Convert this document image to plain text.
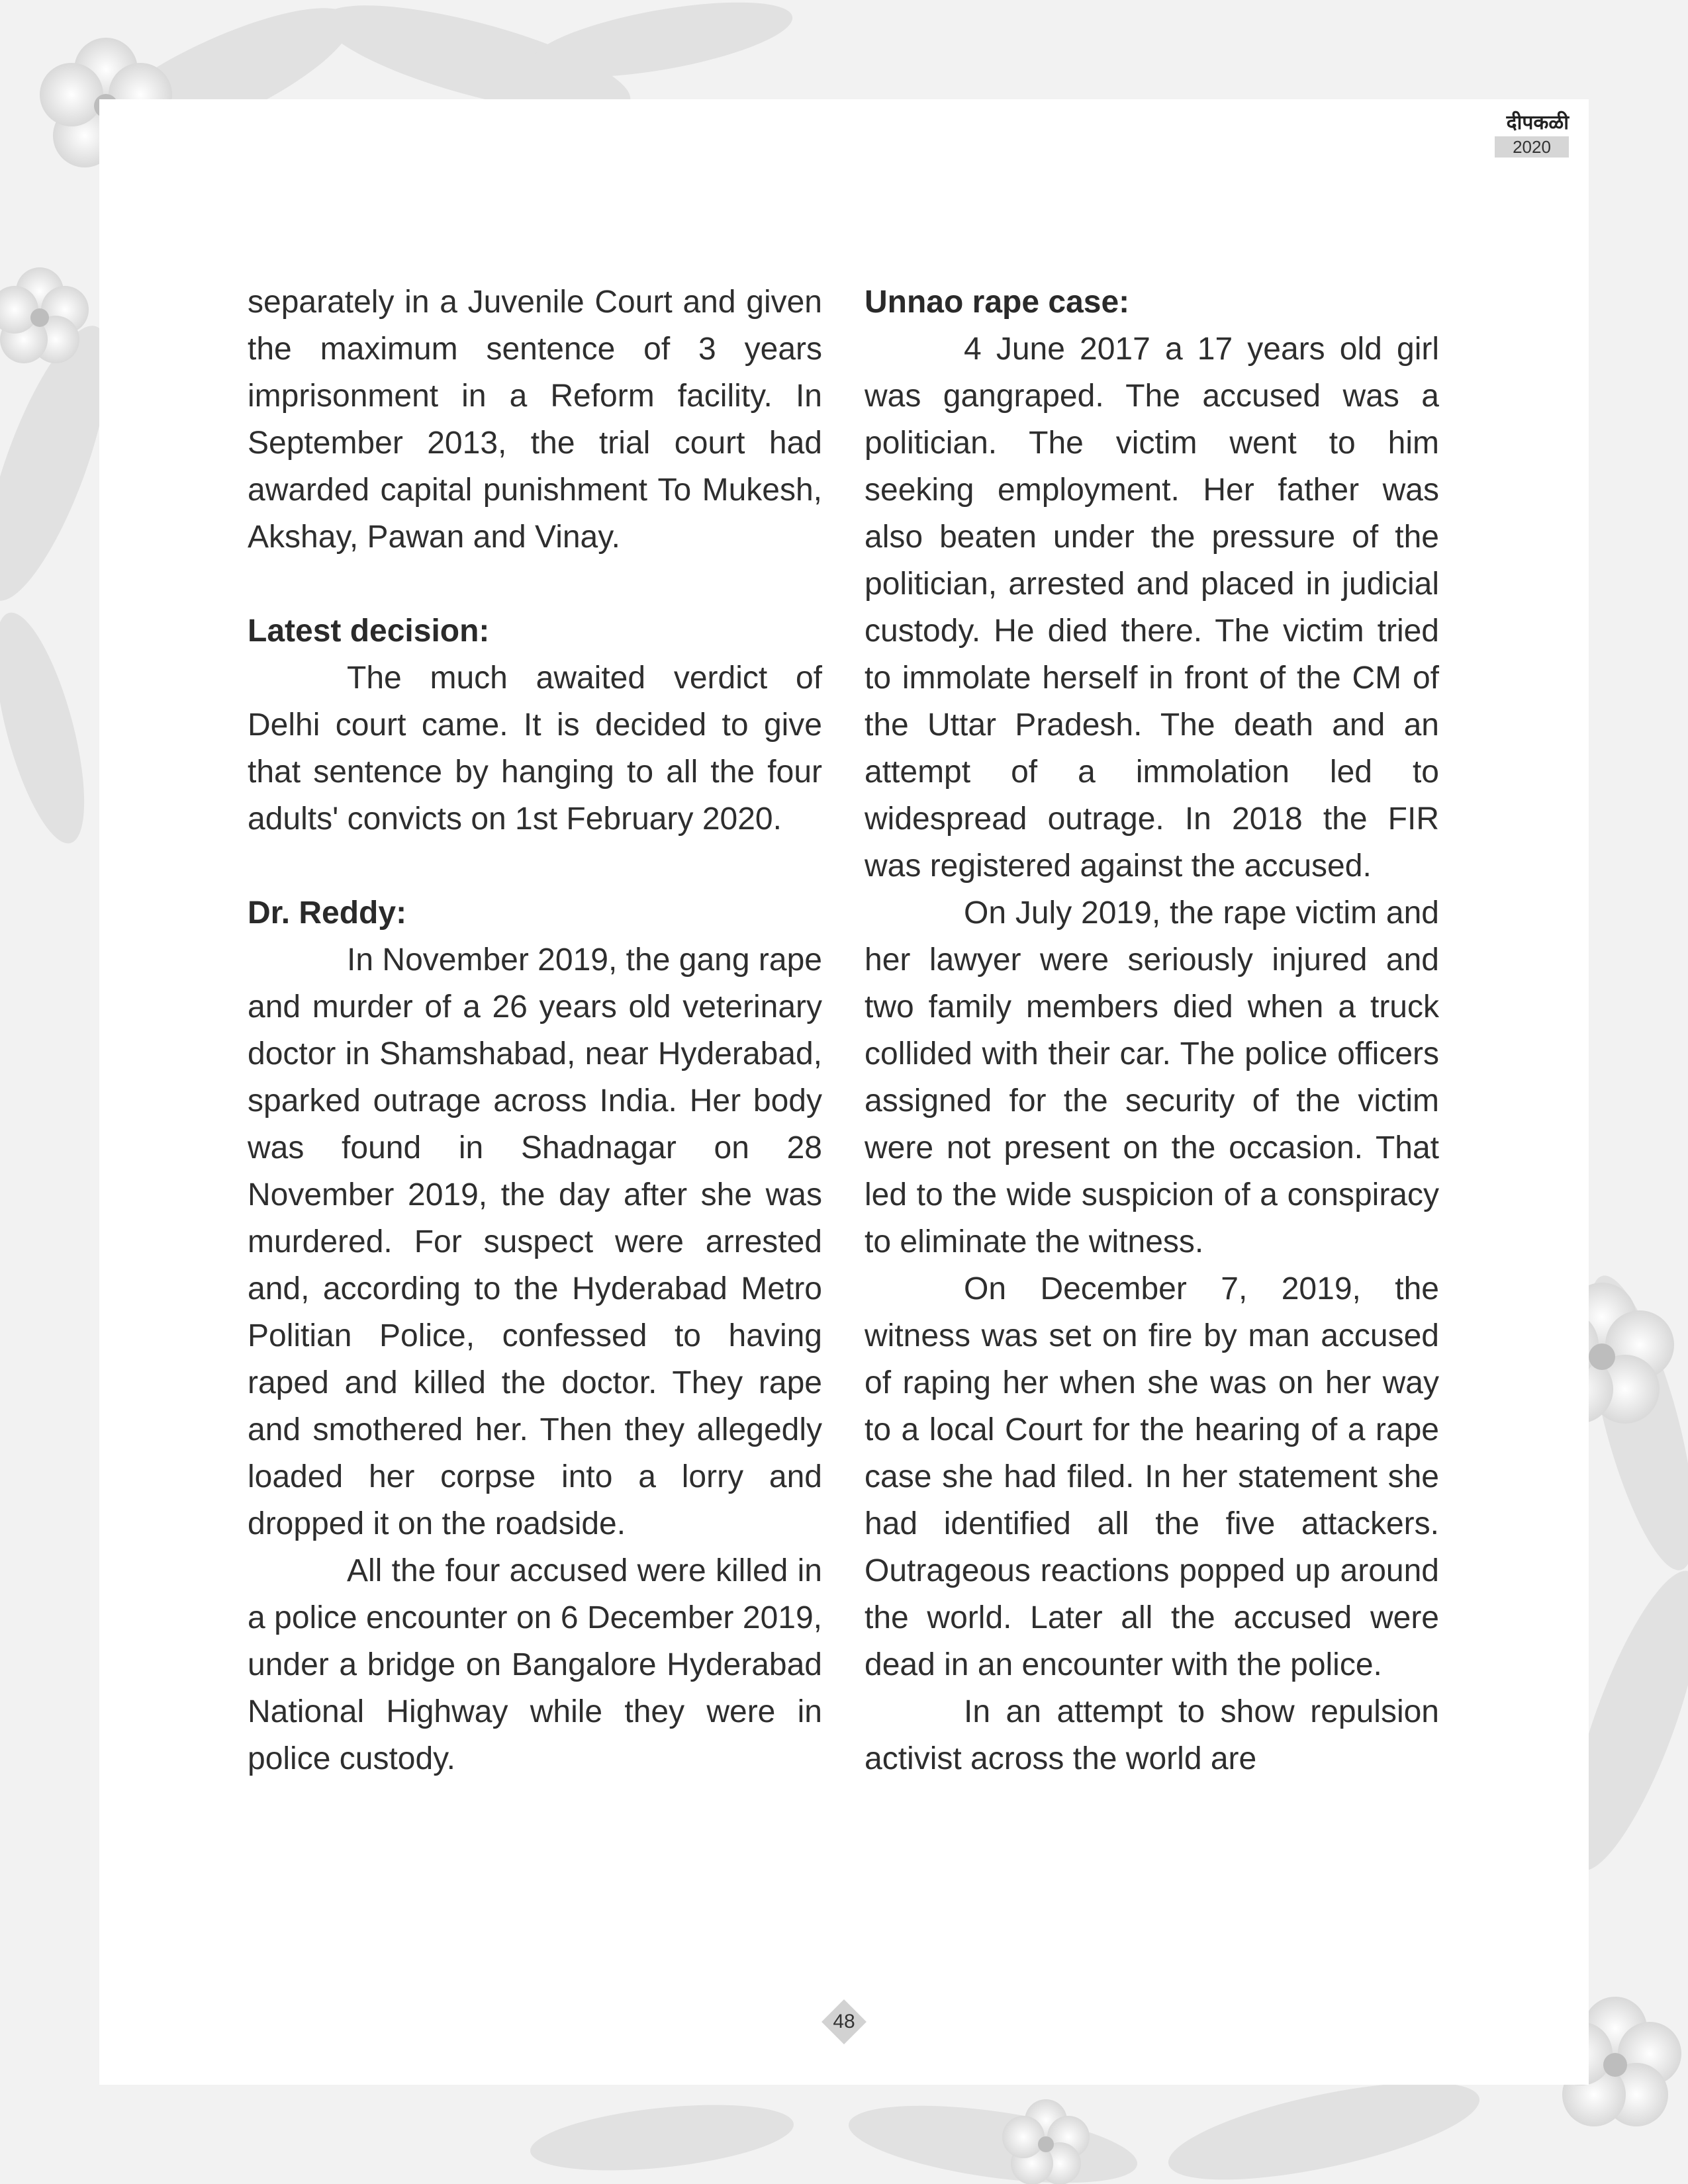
दीपकळी
2020

separately in a Juvenile Court and given the maximum sentence of 3 years imprisonment in a Reform facility. In September 2013, the trial court had awarded capital punishment To Mukesh, Akshay, Pawan and Vinay.

Latest decision:

The much awaited verdict of Delhi court came. It is decided to give that sentence by hanging to all the four adults' convicts on 1st February 2020.

Dr. Reddy:

In November 2019, the gang rape and murder of a 26 years old veterinary doctor in Shamshabad, near Hyderabad, sparked outrage across India. Her body was found in Shadnagar on 28 November 2019, the day after she was murdered. For suspect were arrested and, according to the Hyderabad Metro Politian Police, confessed to having raped and killed the doctor. They rape and smothered her. Then they allegedly loaded her corpse into a lorry and dropped it on the roadside.

All the four accused were killed in a police encounter on 6 December 2019, under a bridge on Bangalore Hyderabad National Highway while they were in police custody.

Unnao rape case:

4 June 2017 a 17 years old girl was gangraped. The accused was a politician. The victim went to him seeking employment. Her father was also beaten under the pressure of the politician, arrested and placed in judicial custody. He died there. The victim tried to immolate herself in front of the CM of the Uttar Pradesh. The death and an attempt of a immolation led to widespread outrage. In 2018 the FIR was registered against the accused.

On July 2019, the rape victim and her lawyer were seriously injured and two family members died when a truck collided with their car. The police officers assigned for the security of the victim were not present on the occasion. That led to the wide suspicion of a conspiracy to eliminate the witness.

On December 7, 2019, the witness was set on fire by man accused of raping her when she was on her way to a local Court for the hearing of a rape case she had filed. In her statement she had identified all the five attackers. Outrageous reactions popped up around the world. Later all the accused were dead in an encounter with the police.

In an attempt to show repulsion activist across the world are

48
